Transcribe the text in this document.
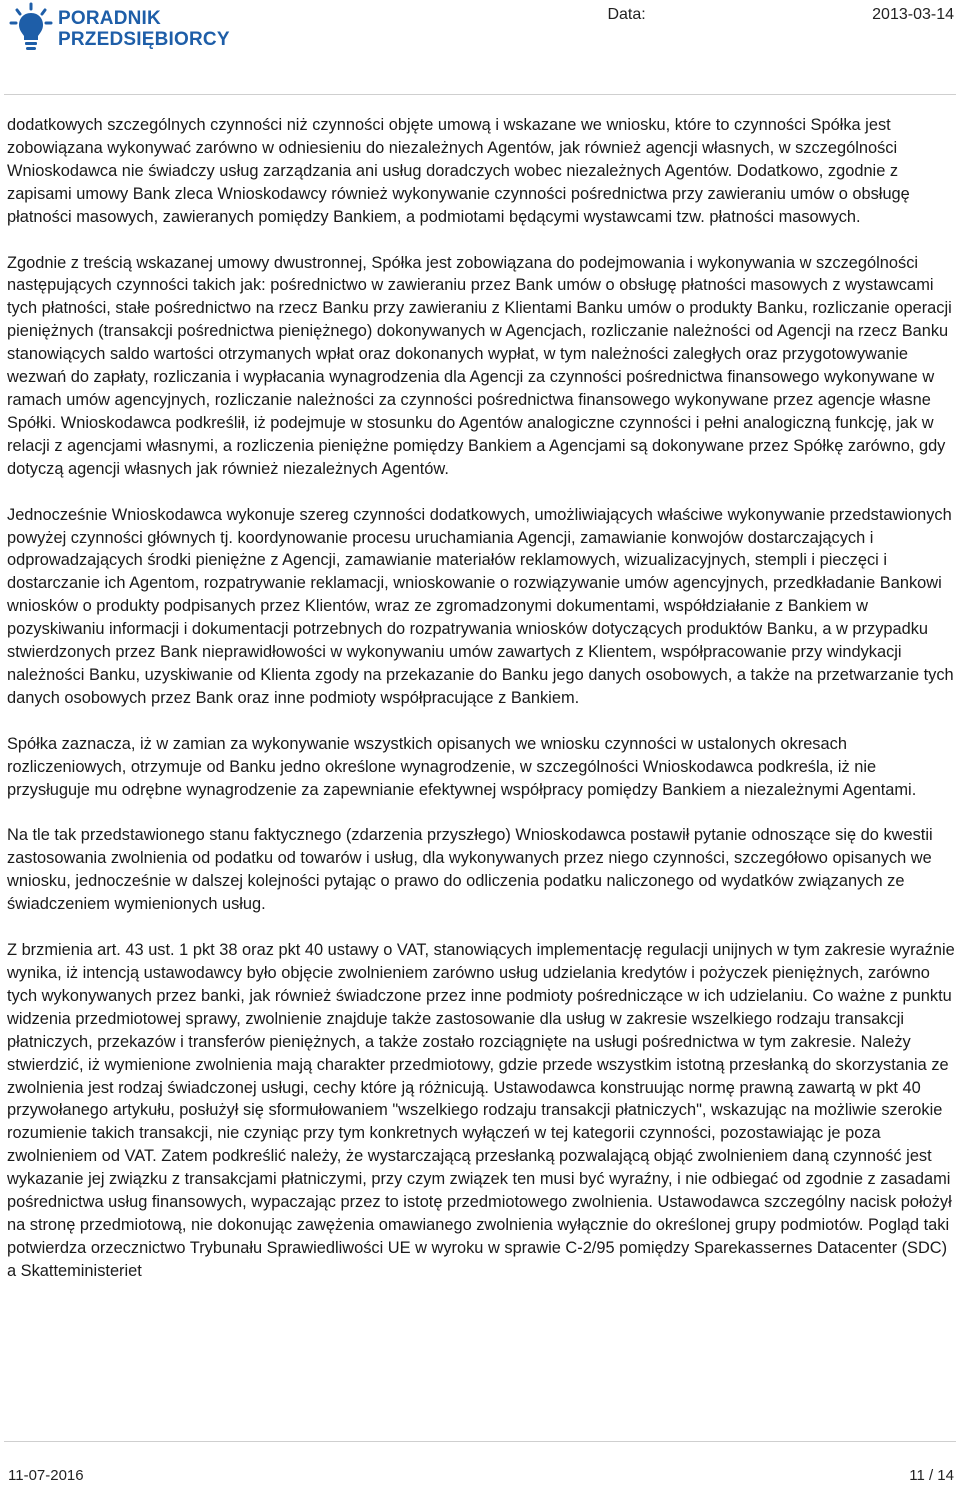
PORADNIK
PRZEDSIĘBIORCY
Data:	2013-03-14

dodatkowych szczególnych czynności niż czynności objęte umową i wskazane we wniosku, które to czynności Spółka jest zobowiązana wykonywać zarówno w odniesieniu do niezależnych Agentów, jak również agencji własnych, w szczególności Wnioskodawca nie świadczy usług zarządzania ani usług doradczych wobec niezależnych Agentów. Dodatkowo, zgodnie z zapisami umowy Bank zleca Wnioskodawcy również wykonywanie czynności pośrednictwa przy zawieraniu umów o obsługę płatności masowych, zawieranych pomiędzy Bankiem, a podmiotami będącymi wystawcami tzw. płatności masowych.

Zgodnie z treścią wskazanej umowy dwustronnej, Spółka jest zobowiązana do podejmowania i wykonywania w szczególności następujących czynności takich jak: pośrednictwo w zawieraniu przez Bank umów o obsługę płatności masowych z wystawcami tych płatności, stałe pośrednictwo na rzecz Banku przy zawieraniu z Klientami Banku umów o produkty Banku, rozliczanie operacji pieniężnych (transakcji pośrednictwa pieniężnego) dokonywanych w Agencjach, rozliczanie należności od Agencji na rzecz Banku stanowiących saldo wartości otrzymanych wpłat oraz dokonanych wypłat, w tym należności zaległych oraz przygotowywanie wezwań do zapłaty, rozliczania i wypłacania wynagrodzenia dla Agencji za czynności pośrednictwa finansowego wykonywane w ramach umów agencyjnych, rozliczanie należności za czynności pośrednictwa finansowego wykonywane przez agencje własne Spółki. Wnioskodawca podkreślił, iż podejmuje w stosunku do Agentów analogiczne czynności i pełni analogiczną funkcję, jak w relacji z agencjami własnymi, a rozliczenia pieniężne pomiędzy Bankiem a Agencjami są dokonywane przez Spółkę zarówno, gdy dotyczą agencji własnych jak również niezależnych Agentów.

Jednocześnie Wnioskodawca wykonuje szereg czynności dodatkowych, umożliwiających właściwe wykonywanie przedstawionych powyżej czynności głównych tj. koordynowanie procesu uruchamiania Agencji, zamawianie konwojów dostarczających i odprowadzających środki pieniężne z Agencji, zamawianie materiałów reklamowych, wizualizacyjnych, stempli i pieczęci i dostarczanie ich Agentom, rozpatrywanie reklamacji, wnioskowanie o rozwiązywanie umów agencyjnych, przedkładanie Bankowi wniosków o produkty podpisanych przez Klientów, wraz ze zgromadzonymi dokumentami, współdziałanie z Bankiem w pozyskiwaniu informacji i dokumentacji potrzebnych do rozpatrywania wniosków dotyczących produktów Banku, a w przypadku stwierdzonych przez Bank nieprawidłowości w wykonywaniu umów zawartych z Klientem, współpracowanie przy windykacji należności Banku, uzyskiwanie od Klienta zgody na przekazanie do Banku jego danych osobowych, a także na przetwarzanie tych danych osobowych przez Bank oraz inne podmioty współpracujące z Bankiem.

Spółka zaznacza, iż w zamian za wykonywanie wszystkich opisanych we wniosku czynności w ustalonych okresach rozliczeniowych, otrzymuje od Banku jedno określone wynagrodzenie, w szczególności Wnioskodawca podkreśla, iż nie przysługuje mu odrębne wynagrodzenie za zapewnianie efektywnej współpracy pomiędzy Bankiem a niezależnymi Agentami.

Na tle tak przedstawionego stanu faktycznego (zdarzenia przyszłego) Wnioskodawca postawił pytanie odnoszące się do kwestii zastosowania zwolnienia od podatku od towarów i usług, dla wykonywanych przez niego czynności, szczegółowo opisanych we wniosku, jednocześnie w dalszej kolejności pytając o prawo do odliczenia podatku naliczonego od wydatków związanych ze świadczeniem wymienionych usług.

Z brzmienia art. 43 ust. 1 pkt 38 oraz pkt 40 ustawy o VAT, stanowiących implementację regulacji unijnych w tym zakresie wyraźnie wynika, iż intencją ustawodawcy było objęcie zwolnieniem zarówno usług udzielania kredytów i pożyczek pieniężnych, zarówno tych wykonywanych przez banki, jak również świadczone przez inne podmioty pośredniczące w ich udzielaniu. Co ważne z punktu widzenia przedmiotowej sprawy, zwolnienie znajduje także zastosowanie dla usług w zakresie wszelkiego rodzaju transakcji płatniczych, przekazów i transferów pieniężnych, a także zostało rozciągnięte na usługi pośrednictwa w tym zakresie. Należy stwierdzić, iż wymienione zwolnienia mają charakter przedmiotowy, gdzie przede wszystkim istotną przesłanką do skorzystania ze zwolnienia jest rodzaj świadczonej usługi, cechy które ją różnicują. Ustawodawca konstruując normę prawną zawartą w pkt 40 przywołanego artykułu, posłużył się sformułowaniem "wszelkiego rodzaju transakcji płatniczych", wskazując na możliwie szerokie rozumienie takich transakcji, nie czyniąc przy tym konkretnych wyłączeń w tej kategorii czynności, pozostawiając je poza zwolnieniem od VAT. Zatem podkreślić należy, że wystarczającą przesłanką pozwalającą objąć zwolnieniem daną czynność jest wykazanie jej związku z transakcjami płatniczymi, przy czym związek ten musi być wyraźny, i nie odbiegać od zgodnie z zasadami pośrednictwa usług finansowych, wypaczając przez to istotę przedmiotowego zwolnienia. Ustawodawca szczególny nacisk położył na stronę przedmiotową, nie dokonując zawężenia omawianego zwolnienia wyłącznie do określonej grupy podmiotów. Pogląd taki potwierdza orzecznictwo Trybunału Sprawiedliwości UE w wyroku w sprawie C-2/95 pomiędzy Sparekassernes Datacenter (SDC) a Skatteministeriet

11-07-2016	11 / 14
